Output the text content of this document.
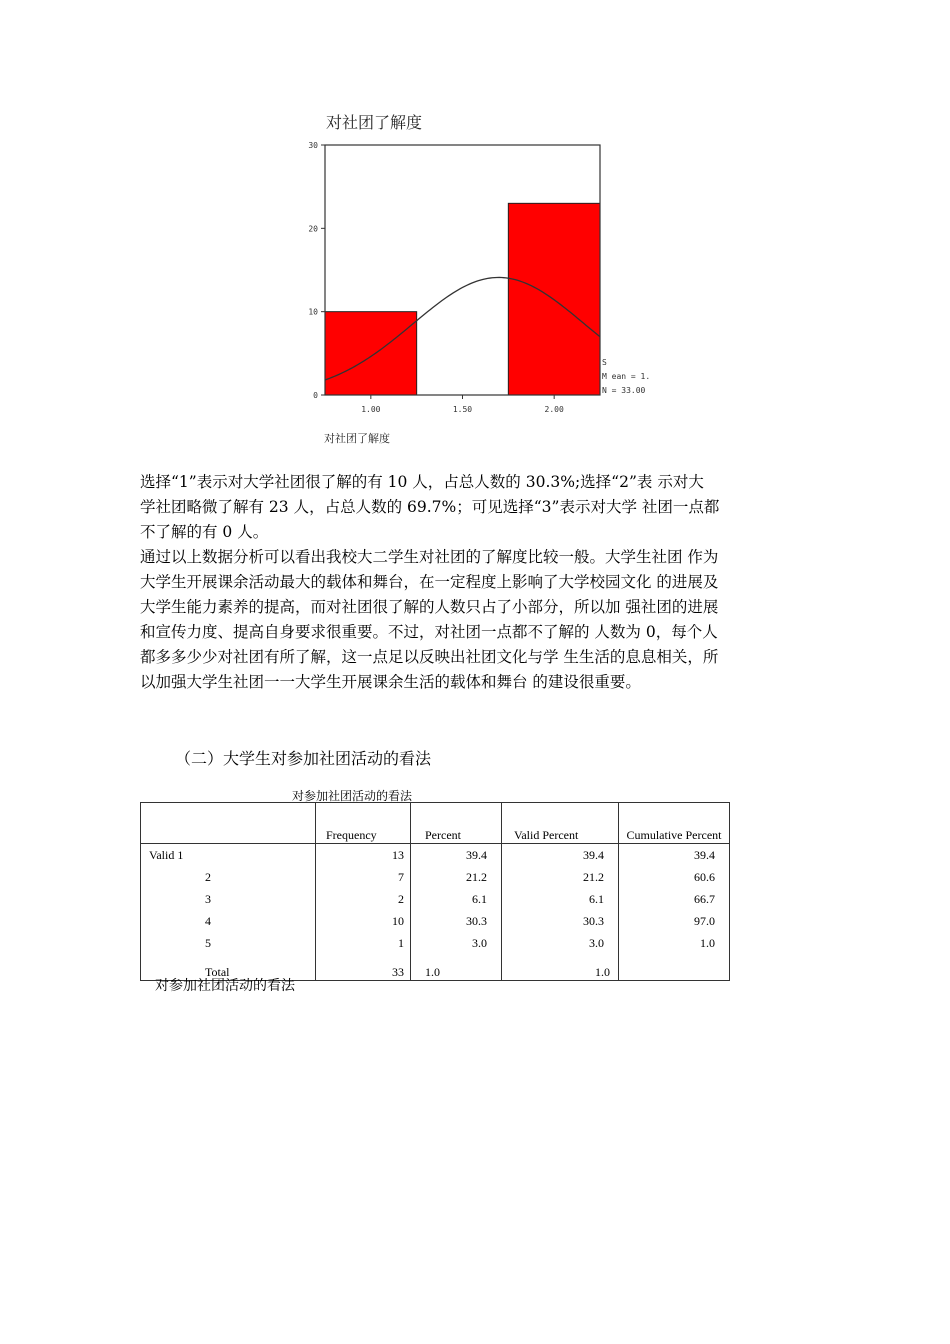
对社团了解度
0
10
20
30
1.00	1.50	2.00
S
M ean = 1.
N = 33.00
对社团了解度
选择“1”表示对大学社团很了解的有 10 人，占总人数的 30.3%;选择“2”表 示对大
学社团略微了解有 23 人，占总人数的 69.7%；可见选择“3”表示对大学 社团一点都
不了解的有 0 人。
通过以上数据分析可以看出我校大二学生对社团的了解度比较一般。大学生社团 作为
大学生开展课余活动最大的载体和舞台，在一定程度上影响了大学校园文化 的进展及
大学生能力素养的提高，而对社团很了解的人数只占了小部分，所以加 强社团的进展
和宣传力度、提高自身要求很重要。不过，对社团一点都不了解的 人数为 0，每个人
都多多少少对社团有所了解，这一点足以反映出社团文化与学 生生活的息息相关，所
以加强大学生社团一一大学生开展课余生活的载体和舞台 的建设很重要。
（二）大学生对参加社团活动的看法
对参加社团活动的看法
	Frequency	Percent	Valid Percent	Cumulative Percent
Valid 1	13	39.4	39.4	39.4
2	7	21.2	21.2	60.6
3	2	6.1	6.1	66.7
4	10	30.3	30.3	97.0
5	1	3.0	3.0	1.0
Total	33	1.0	1.0	
对参加社团活动的看法
